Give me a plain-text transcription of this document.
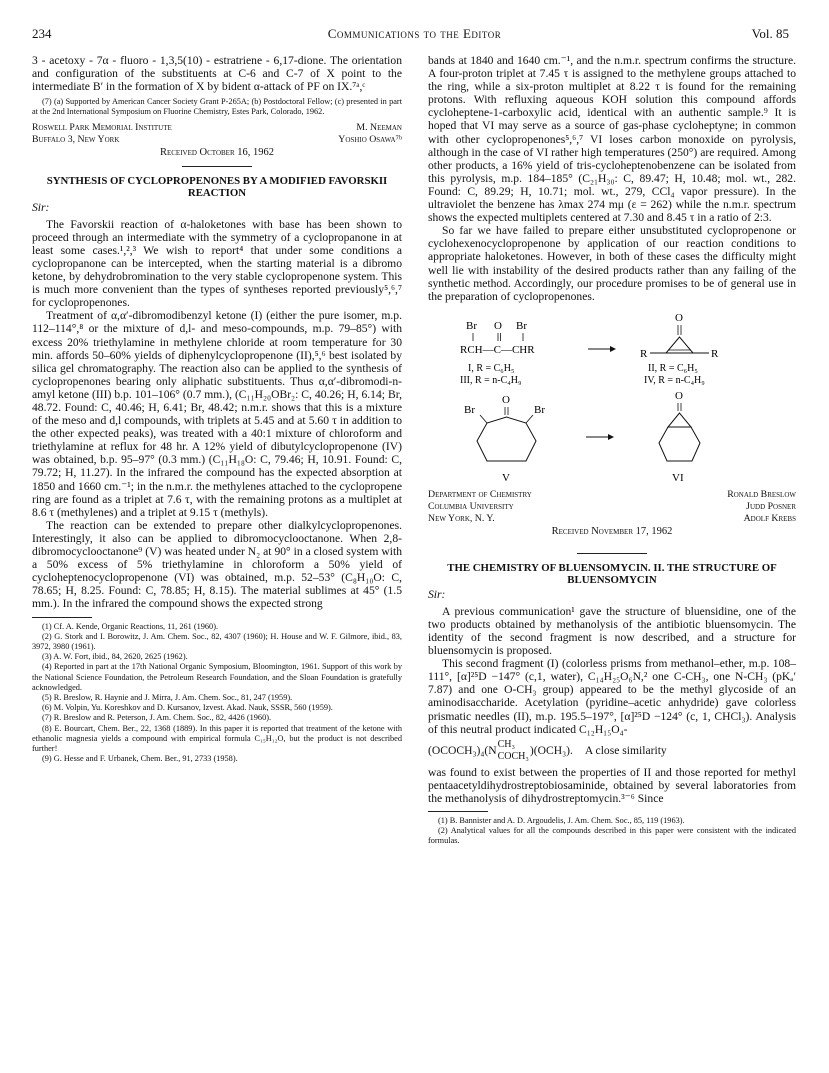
234	Communications to the Editor	Vol. 85

3 - acetoxy - 7α - fluoro - 1,3,5(10) - estratriene - 6,17-dione. The orientation and configuration of the substituents at C-6 and C-7 of X point to the intermediate B′ in the formation of X by bident α-attack of PF on IX.⁷ᵃ,ᶜ

(7) (a) Supported by American Cancer Society Grant P-265A; (b) Postdoctoral Fellow; (c) presented in part at the 2nd International Symposium on Fluorine Chemistry, Estes Park, Colorado, 1962.

Roswell Park Memorial Institute
Buffalo 3, New York
M. Neeman
Yoshio Osawa⁷ᵇ
Received October 16, 1962
SYNTHESIS OF CYCLOPROPENONES BY A MODIFIED FAVORSKII REACTION
Sir:

The Favorskii reaction of α-haloketones with base has been shown to proceed through an intermediate with the symmetry of a cyclopropanone in at least some cases.¹,²,³ We wish to report⁴ that under some conditions a cyclopropanone can be intercepted, when the starting material is a dibromo ketone, by dehydrobromination to the very stable cyclopropenone system. This is much more convenient than the types of syntheses reported previously⁵,⁶,⁷ for cyclopropenones.

Treatment of α,α′-dibromodibenzyl ketone (I) (either the pure isomer, m.p. 112–114°,⁸ or the mixture of d,l- and meso-compounds, m.p. 79–85°) with excess 20% triethylamine in methylene chloride at room temperature for 30 min. affords 50–60% yields of diphenylcyclopropenone (II),⁵,⁶ best isolated by silica gel chromatography. The reaction also can be applied to the synthesis of cyclopropenones bearing only aliphatic substituents. Thus α,α′-dibromodi-n-amyl ketone (III) b.p. 101–106° (0.7 mm.), (C₁₁H₂₀OBr₂: C, 40.26; H, 6.14; Br, 48.72. Found: C, 40.46; H, 6.41; Br, 48.42; n.m.r. shows that this is a mixture of the meso and d,l compounds, with triplets at 5.45 and at 5.60 τ in addition to the other expected peaks), was treated with a 40:1 mixture of chloroform and triethylamine at reflux for 48 hr. A 12% yield of dibutylcyclopropenone (IV) was obtained, b.p. 95–97° (0.3 mm.) (C₁₁H₁₈O: C, 79.46; H, 10.91. Found: C, 79.72; H, 11.27). In the infrared the compound has the expected absorption at 1850 and 1660 cm.⁻¹; in the n.m.r. the methylenes attached to the cyclopropene ring are found as a triplet at 7.6 τ, with the remaining protons as a multiplet at 8.6 τ (methylenes) and a triplet at 9.15 τ (methyls).

The reaction can be extended to prepare other dialkylcyclopropenones. Interestingly, it also can be applied to dibromocyclooctanone. When 2,8-dibromocyclooctanone⁹ (V) was heated under N₂ at 90° in a closed system with a 50% excess of 5% triethylamine in chloroform a 50% yield of cycloheptenocyclopropenone (VI) was obtained, m.p. 52–53° (C₈H₁₀O: C, 78.65; H, 8.25. Found: C, 78.85; H, 8.15). The material sublimes at 45° (1.5 mm.). In the infrared the compound shows the expected strong

(1) Cf. A. Kende, Organic Reactions, 11, 261 (1960).

(2) G. Stork and I. Borowitz, J. Am. Chem. Soc., 82, 4307 (1960); H. House and W. F. Gilmore, ibid., 83, 3972, 3980 (1961).

(3) A. W. Fort, ibid., 84, 2620, 2625 (1962).

(4) Reported in part at the 17th National Organic Symposium, Bloomington, 1961. Support of this work by the National Science Foundation, the Petroleum Research Foundation, and the Sloan Foundation is gratefully acknowledged.

(5) R. Breslow, R. Haynie and J. Mirra, J. Am. Chem. Soc., 81, 247 (1959).

(6) M. Volpin, Yu. Koreshkov and D. Kursanov, Izvest. Akad. Nauk, SSSR, 560 (1959).

(7) R. Breslow and R. Peterson, J. Am. Chem. Soc., 82, 4426 (1960).

(8) E. Bourcart, Chem. Ber., 22, 1368 (1889). In this paper it is reported that treatment of the ketone with ethanolic magnesia yields a compound with empirical formula C₁₅H₁₂O, but the product is not described further!

(9) G. Hesse and F. Urbanek, Chem. Ber., 91, 2733 (1958).

bands at 1840 and 1640 cm.⁻¹, and the n.m.r. spectrum confirms the structure. A four-proton triplet at 7.45 τ is assigned to the methylene groups attached to the ring, while a six-proton multiplet at 8.22 τ is found for the remaining protons. With refluxing aqueous KOH solution this compound affords cycloheptene-1-carboxylic acid, identical with an authentic sample.⁹ It is hoped that VI may serve as a source of gas-phase cycloheptyne; in common with other cyclopropenones⁵,⁶,⁷ VI loses carbon monoxide on pyrolysis, although in the case of VI rather high temperatures (250°) are required. Among other products, a 16% yield of tris-cycloheptenobenzene can be isolated from this pyrolysis, m.p. 184–185° (C₂₁H₃₀: C, 89.47; H, 10.48; mol. wt., 282. Found: C, 89.29; H, 10.71; mol. wt., 279, CCl₄ vapor pressure). In the ultraviolet the benzene has λmax 274 mμ (ε = 262) while the n.m.r. spectrum shows the expected multiplets centered at 7.30 and 8.45 τ in a ratio of 2:3.

So far we have failed to prepare either unsubstituted cyclopropenone or cyclohexenocyclopropenone by application of our reaction conditions to appropriate haloketones. However, in both of these cases the difficulty might well lie with instability of the desired products rather than any failing of the synthetic method. Accordingly, our procedure promises to be of general use in the preparation of cyclopropenones.

Br O Br
RCH—C—CHR
I, R = C₆H₅
III, R = n-C₄H₉
O
R	R
II, R = C₆H₅
IV, R = n-C₄H₉
O
Br	Br
V
O
VI
Department of Chemistry
Columbia University
New York, N. Y.
Ronald Breslow
Judd Posner
Adolf Krebs
Received November 17, 1962
THE CHEMISTRY OF BLUENSOMYCIN. II. THE STRUCTURE OF BLUENSOMYCIN
Sir:

A previous communication¹ gave the structure of bluensidine, one of the two products obtained by methanolysis of the antibiotic bluensomycin. The identity of the second fragment is now described, and a structure for bluensomycin is proposed.

This second fragment (I) (colorless prisms from methanol–ether, m.p. 108–111°, [α]²⁵D −147° (c,1, water), C₁₄H₂₅O₆N,² one C-CH₃, one N-CH₃ (pKₐ′ 7.87) and one O-CH₃ group) appeared to be the methyl glycoside of an aminodisaccharide. Acetylation (pyridine–acetic anhydride) gave colorless prismatic needles (II), m.p. 195.5–197°, [α]²⁵D −124° (c, 1, CHCl₃). Analysis of this neutral product indicated C₁₂H₁₅O₄-

(OCOCH₃)₄(N CH₃
COCH₃ )(OCH₃). A close similarity

was found to exist between the properties of II and those reported for methyl pentaacetyldihydrostreptobiosaminide, obtained by several laboratories from the methanolysis of dihydrostreptomycin.³⁻⁶ Since

(1) B. Bannister and A. D. Argoudelis, J. Am. Chem. Soc., 85, 119 (1963).

(2) Analytical values for all the compounds described in this paper were consistent with the indicated formulas.
